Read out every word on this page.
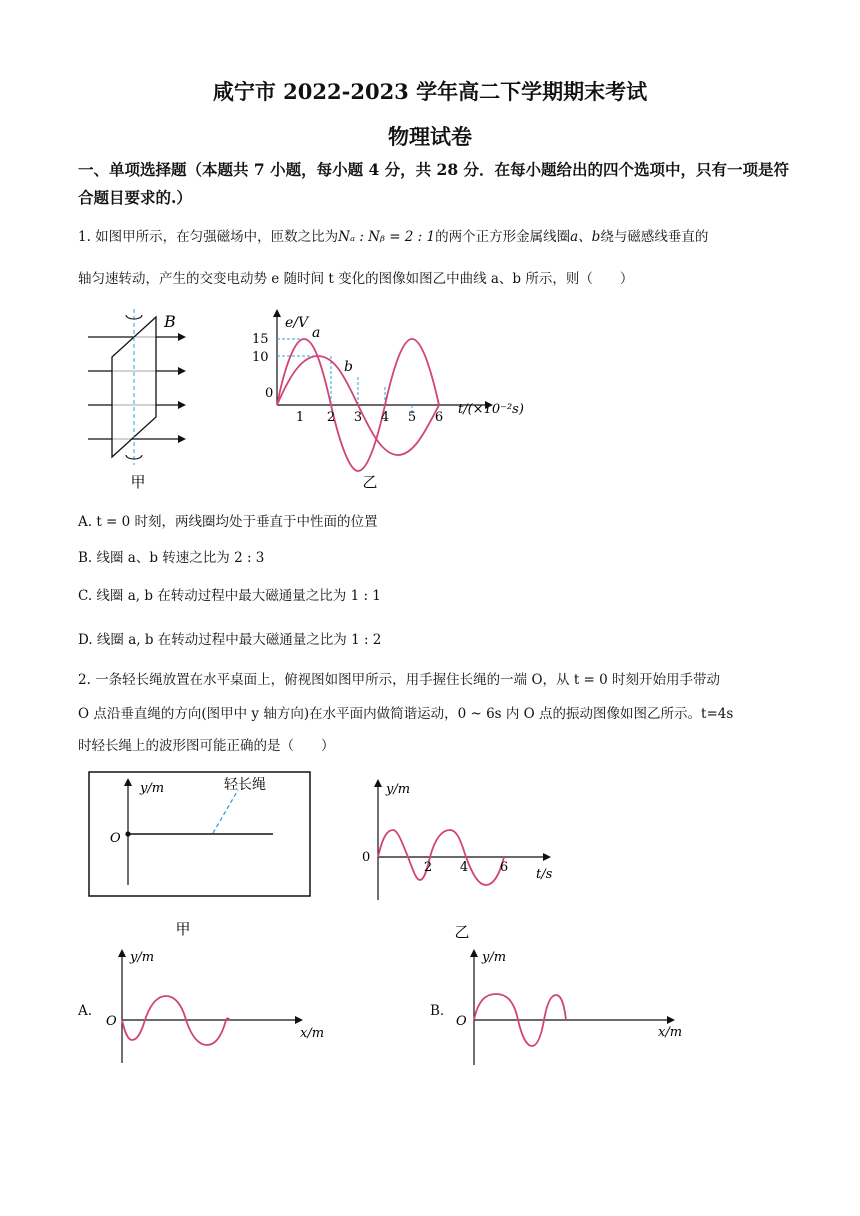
咸宁市 2022-2023 学年高二下学期期末考试
物理试卷
一、单项选择题（本题共 7 小题，每小题 4 分，共 28 分．在每小题给出的四个选项中，只有一项是符合题目要求的.）
1. 如图甲所示，在匀强磁场中，匝数之比为Nₐ : Nᵦ = 2 : 1的两个正方形金属线圈a、b绕与磁感线垂直的
轴匀速转动，产生的交变电动势 e 随时间 t 变化的图像如图乙中曲线 a、b 所示，则（　　）
B
甲
e/V
15
10
0
a
b
1 2 3 4 5 6
t/(×10⁻²s)
乙
A. t = 0 时刻，两线圈均处于垂直于中性面的位置
B. 线圈 a、b 转速之比为 2 : 3
C. 线圈 a, b 在转动过程中最大磁通量之比为 1 : 1
D. 线圈 a, b 在转动过程中最大磁通量之比为 1 : 2
2. 一条轻长绳放置在水平桌面上，俯视图如图甲所示，用手握住长绳的一端 O，从 t = 0 时刻开始用手带动
O 点沿垂直绳的方向(图甲中 y 轴方向)在水平面内做简谐运动，0 ~ 6s 内 O 点的振动图像如图乙所示。t=4s
时轻长绳上的波形图可能正确的是（　　）
y/m
O
轻长绳
甲
y/m
0
2 4 6 t/s
乙
A.
y/m
O
x/m
B.
y/m
O
x/m
